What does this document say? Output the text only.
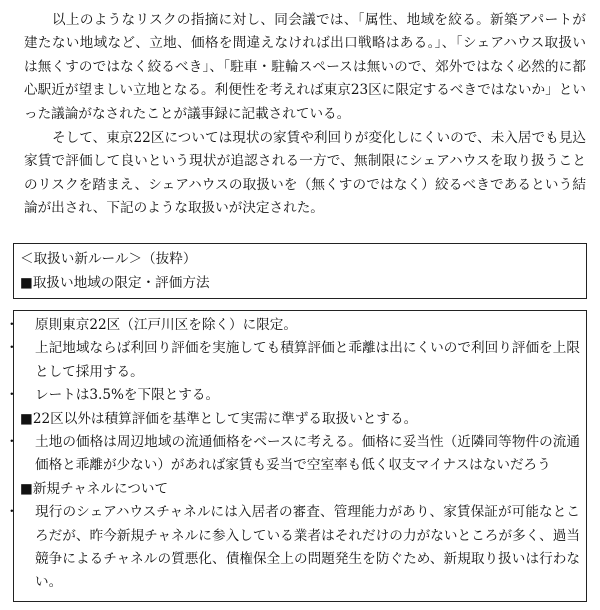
以上のようなリスクの指摘に対し、同会議では、「属性、地域を絞る。新築アパートが建たない地域など、立地、価格を間違えなければ出口戦略はある。」、「シェアハウス取扱いは無くすのではなく絞るべき」、「駐車・駐輪スペースは無いので、郊外ではなく必然的に都心駅近が望ましい立地となる。利便性を考えれば東京23区に限定するべきではないか」といった議論がなされたことが議事録に記載されている。

そして、東京22区については現状の家賃や利回りが変化しにくいので、未入居でも見込家賃で評価して良いという現状が追認される一方で、無制限にシェアハウスを取り扱うことのリスクを踏まえ、シェアハウスの取扱いを（無くすのではなく）絞るべきであるという結論が出され、下記のような取扱いが決定された。

＜取扱い新ルール＞（抜粋）
■取扱い地域の限定・評価方法

・ 原則東京22区（江戸川区を除く）に限定。

・ 上記地域ならば利回り評価を実施しても積算評価と乖離は出にくいので利回り評価を上限として採用する。

・ レートは3.5%を下限とする。

■22区以外は積算評価を基準として実需に準ずる取扱いとする。

・ 土地の価格は周辺地域の流通価格をベースに考える。価格に妥当性（近隣同等物件の流通価格と乖離が少ない）があれば家賃も妥当で空室率も低く収支マイナスはないだろう

■新規チャネルについて

・ 現行のシェアハウスチャネルには入居者の審査、管理能力があり、家賃保証が可能なところだが、昨今新規チャネルに参入している業者はそれだけの力がないところが多く、過当競争によるチャネルの質悪化、債権保全上の問題発生を防ぐため、新規取り扱いは行わない。
